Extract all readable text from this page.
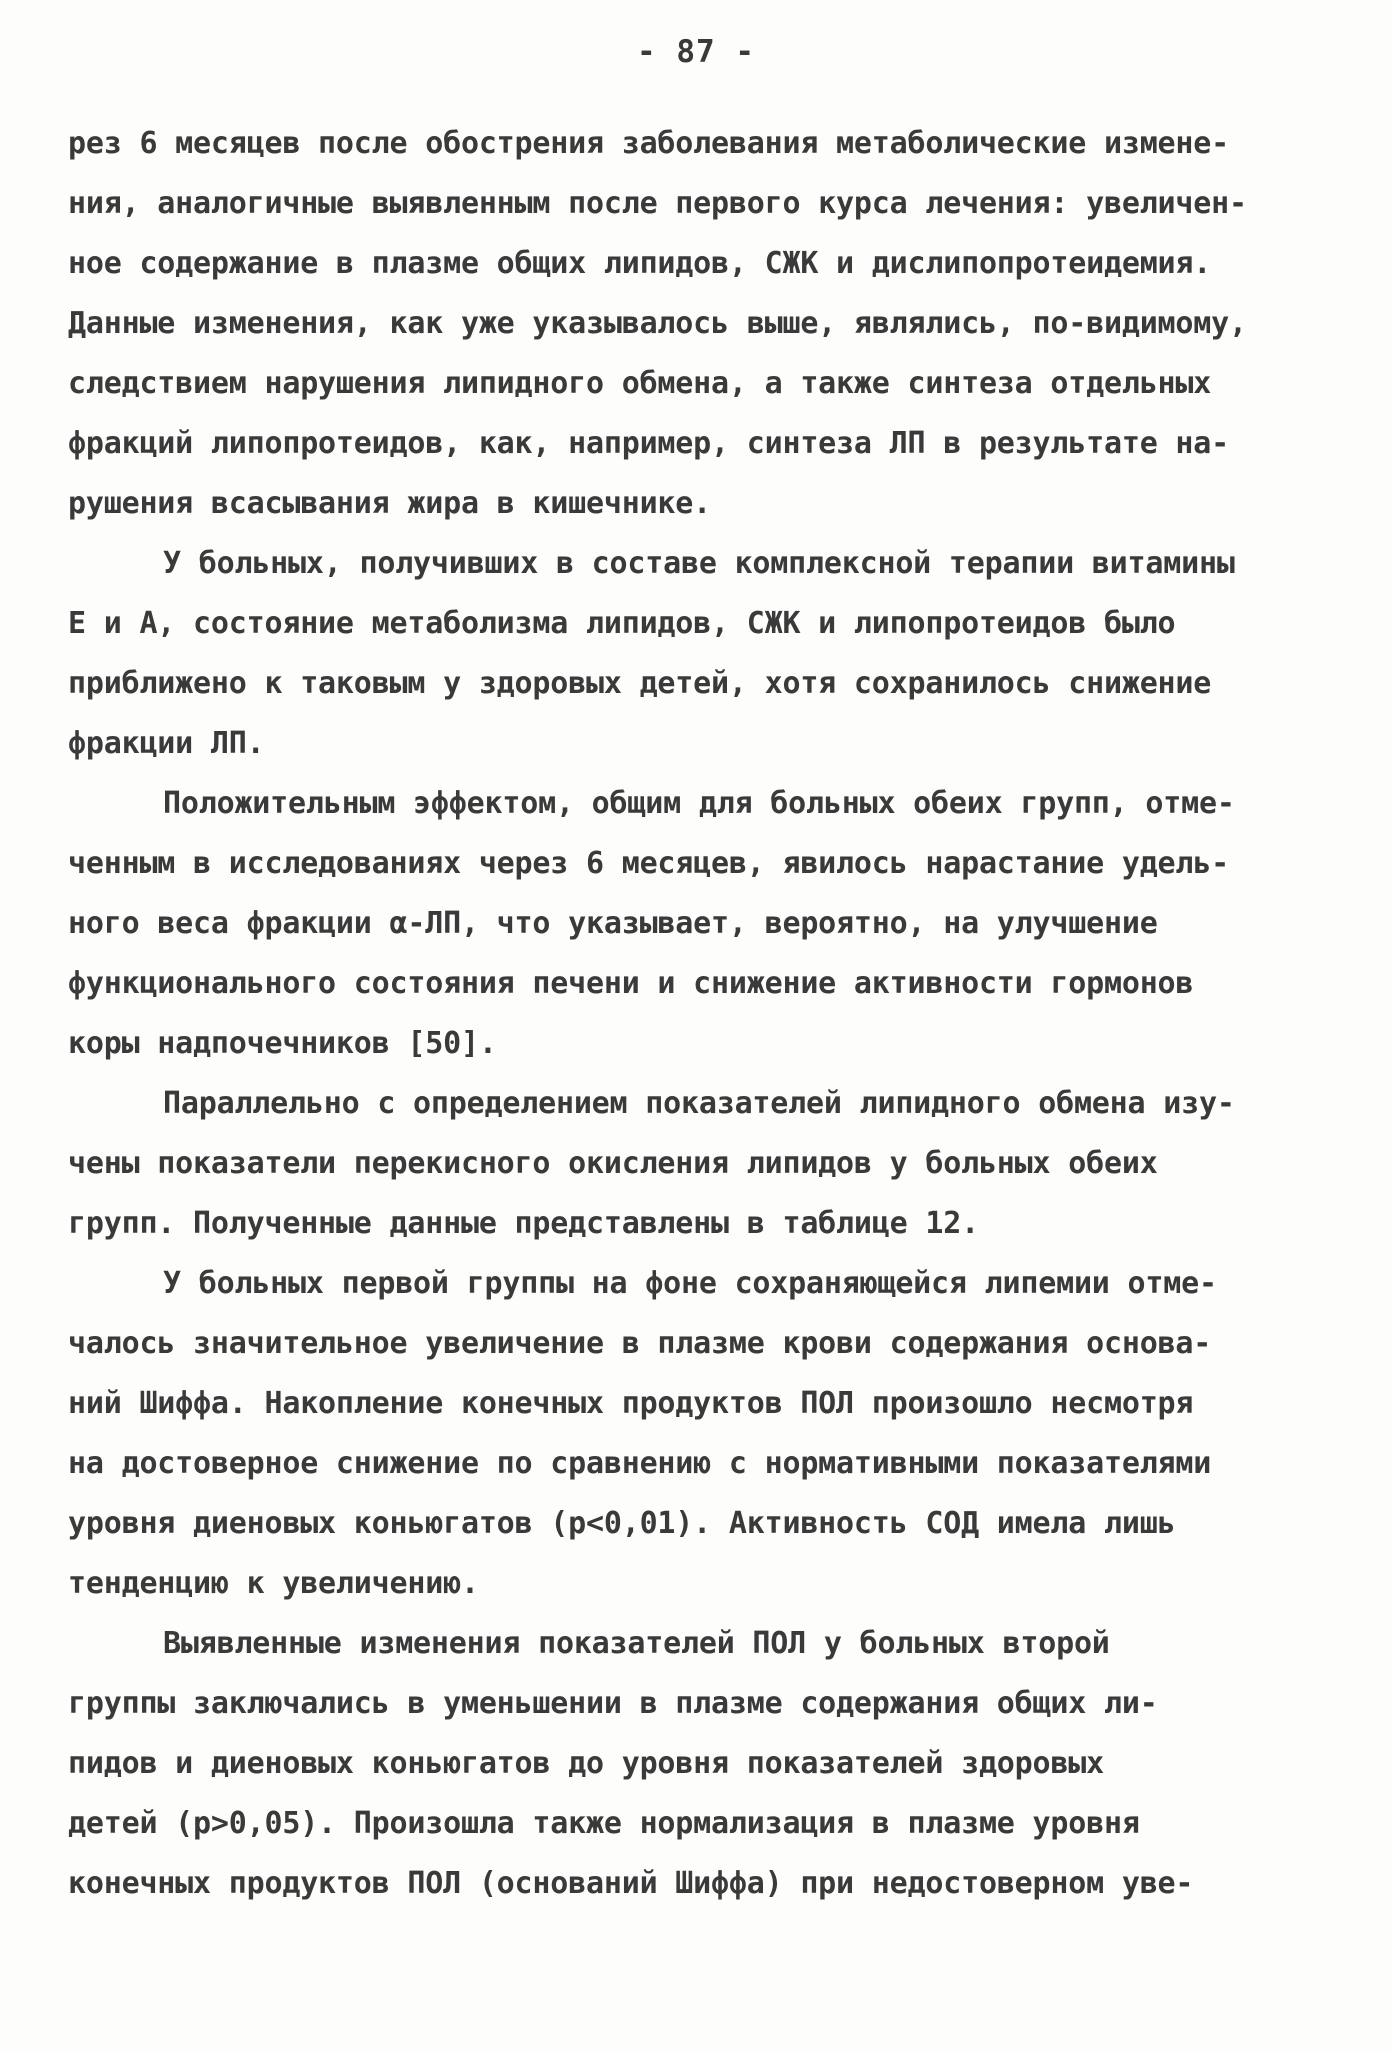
- 87 -
рез 6 месяцев после обострения заболевания метаболические измене-
ния, аналогичные выявленным после первого курса лечения: увеличен-
ное содержание в плазме общих липидов, СЖК и дислипопротеидемия.
Данные изменения, как уже указывалось выше, являлись, по-видимому,
следствием нарушения липидного обмена, а также синтеза отдельных
фракций липопротеидов, как, например, синтеза ЛП в результате на-
рушения всасывания жира в кишечнике.
У больных, получивших в составе комплексной терапии витамины
Е и А, состояние метаболизма липидов, СЖК и липопротеидов было
приближено к таковым у здоровых детей, хотя сохранилось снижение
фракции ЛП.
Положительным эффектом, общим для больных обеих групп, отме-
ченным в исследованиях через 6 месяцев, явилось нарастание удель-
ного веса фракции α-ЛП, что указывает, вероятно, на улучшение
функционального состояния печени и снижение активности гормонов
коры надпочечников [50].
Параллельно с определением показателей липидного обмена изу-
чены показатели перекисного окисления липидов у больных обеих
групп. Полученные данные представлены в таблице 12.
У больных первой группы на фоне сохраняющейся липемии отме-
чалось значительное увеличение в плазме крови содержания основа-
ний Шиффа. Накопление конечных продуктов ПОЛ произошло несмотря
на достоверное снижение по сравнению с нормативными показателями
уровня диеновых коньюгатов (p<0,01). Активность СОД имела лишь
тенденцию к увеличению.
Выявленные изменения показателей ПОЛ у больных второй
группы заключались в уменьшении в плазме содержания общих ли-
пидов и диеновых коньюгатов до уровня показателей здоровых
детей (p>0,05). Произошла также нормализация в плазме уровня
конечных продуктов ПОЛ (оснований Шиффа) при недостоверном уве-
